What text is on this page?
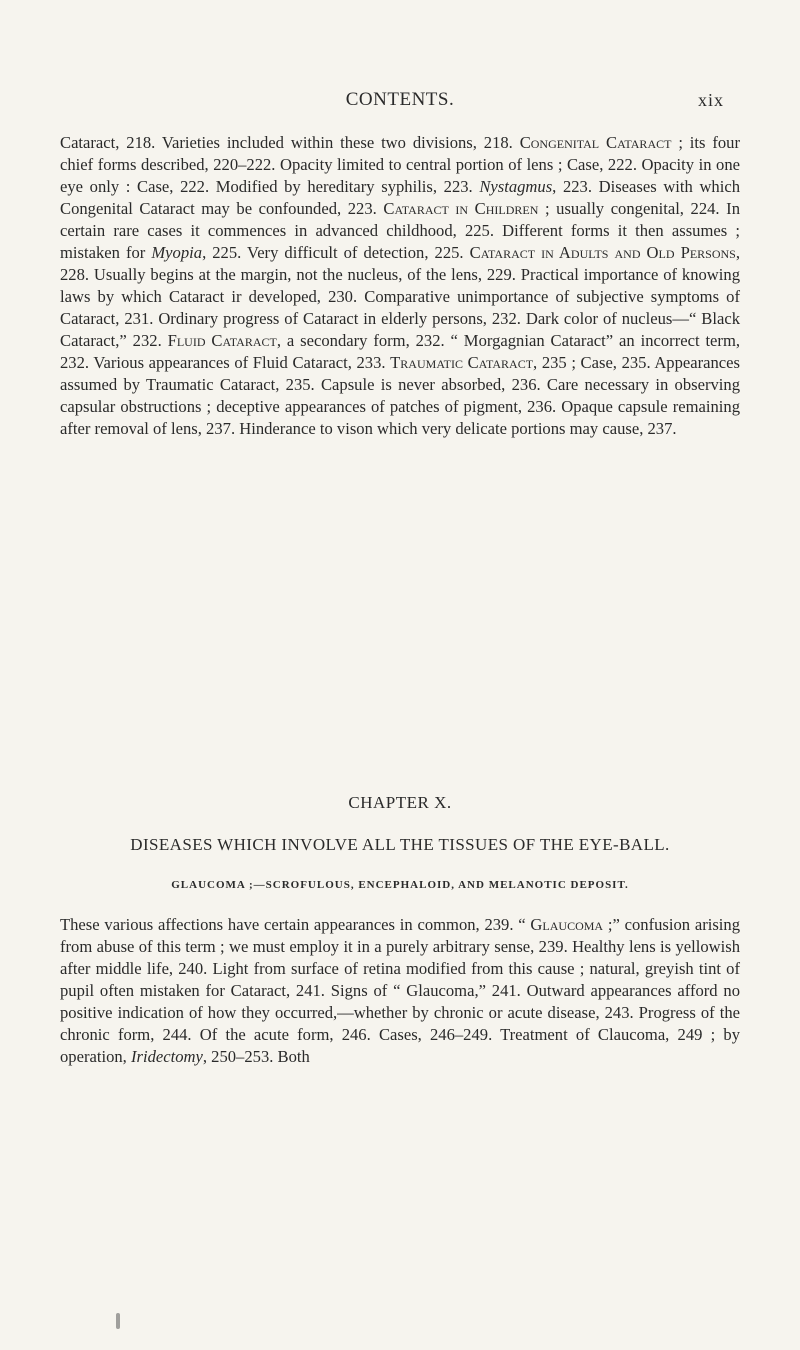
CONTENTS.	xix

Cataract, 218. Varieties included within these two divisions, 218. Congenital Cataract ; its four chief forms described, 220–222. Opacity limited to central portion of lens ; Case, 222. Opacity in one eye only : Case, 222. Modified by hereditary syphilis, 223. Nystagmus, 223. Diseases with which Congenital Cataract may be confounded, 223. Cataract in Children ; usually congenital, 224. In certain rare cases it commences in advanced childhood, 225. Different forms it then assumes ; mistaken for Myopia, 225. Very difficult of detection, 225. Cataract in Adults and Old Persons, 228. Usually begins at the margin, not the nucleus, of the lens, 229. Practical importance of knowing laws by which Cataract ir developed, 230. Comparative unimportance of subjective symptoms of Cataract, 231. Ordinary progress of Cataract in elderly persons, 232. Dark color of nucleus—“ Black Cataract,” 232. Fluid Cataract, a secondary form, 232. “ Morgagnian Cataract” an incorrect term, 232. Various appearances of Fluid Cataract, 233. Traumatic Cataract, 235 ; Case, 235. Appearances assumed by Traumatic Cataract, 235. Capsule is never absorbed, 236. Care necessary in observing capsular obstructions ; deceptive appearances of patches of pigment, 236. Opaque capsule remaining after removal of lens, 237. Hinderance to vison which very delicate portions may cause, 237.

CHAPTER X.
DISEASES WHICH INVOLVE ALL THE TISSUES OF THE EYE-BALL.
GLAUCOMA ;—SCROFULOUS, ENCEPHALOID, AND MELANOTIC DEPOSIT.

These various affections have certain appearances in common, 239. “ Glaucoma ;” confusion arising from abuse of this term ; we must employ it in a purely arbitrary sense, 239. Healthy lens is yellowish after middle life, 240. Light from surface of retina modified from this cause ; natural, greyish tint of pupil often mistaken for Cataract, 241. Signs of “ Glaucoma,” 241. Outward appearances afford no positive indication of how they occurred,—whether by chronic or acute disease, 243. Progress of the chronic form, 244. Of the acute form, 246. Cases, 246–249. Treatment of Claucoma, 249 ; by operation, Iridectomy, 250–253. Both
